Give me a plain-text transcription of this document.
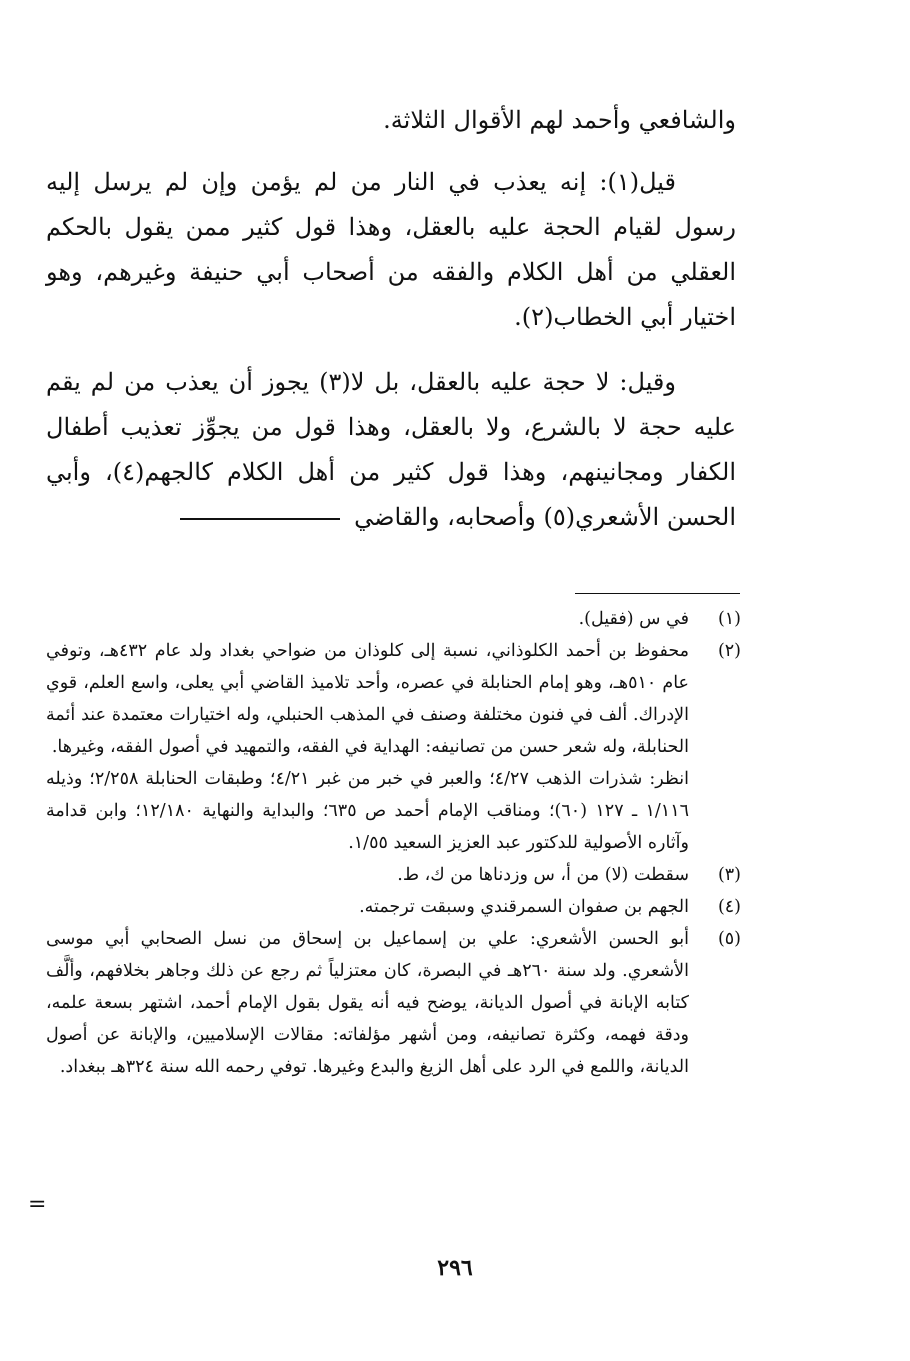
والشافعي وأحمد لهم الأقوال الثلاثة.

قيل(١): إنه يعذب في النار من لم يؤمن وإن لم يرسل إليه رسول لقيام الحجة عليه بالعقل، وهذا قول كثير ممن يقول بالحكم العقلي من أهل الكلام والفقه من أصحاب أبي حنيفة وغيرهم، وهو اختيار أبي الخطاب(٢).

وقيل: لا حجة عليه بالعقل، بل لا(٣) يجوز أن يعذب من لم يقم عليه حجة لا بالشرع، ولا بالعقل، وهذا قول من يجوِّز تعذيب أطفال الكفار ومجانينهم، وهذا قول كثير من أهل الكلام كالجهم(٤)، وأبي الحسن الأشعري(٥) وأصحابه، والقاضي

(١)

في س (فقيل).

(٢)

محفوظ بن أحمد الكلوذاني، نسبة إلى كلوذان من ضواحي بغداد ولد عام ٤٣٢هـ، وتوفي عام ٥١٠هـ، وهو إمام الحنابلة في عصره، وأحد تلاميذ القاضي أبي يعلى، واسع العلم، قوي الإدراك. ألف في فنون مختلفة وصنف في المذهب الحنبلي، وله اختيارات معتمدة عند أئمة الحنابلة، وله شعر حسن من تصانيفه: الهداية في الفقه، والتمهيد في أصول الفقه، وغيرها.

انظر: شذرات الذهب ٤/٢٧؛ والعبر في خبر من غبر ٤/٢١؛ وطبقات الحنابلة ٢/٢٥٨؛ وذيله ١/١١٦ ـ ١٢٧ (٦٠)؛ ومناقب الإمام أحمد ص ٦٣٥؛ والبداية والنهاية ١٢/١٨٠؛ وابن قدامة وآثاره الأصولية للدكتور عبد العزيز السعيد ١/٥٥.

(٣)

سقطت (لا) من أ، س وزدناها من ك، ط.

(٤)

الجهم بن صفوان السمرقندي وسبقت ترجمته.

(٥)

أبو الحسن الأشعري: علي بن إسماعيل بن إسحاق من نسل الصحابي أبي موسى الأشعري. ولد سنة ٢٦٠هـ في البصرة، كان معتزلياً ثم رجع عن ذلك وجاهر بخلافهم، وألَّف كتابه الإبانة في أصول الديانة، يوضح فيه أنه يقول بقول الإمام أحمد، اشتهر بسعة علمه، ودقة فهمه، وكثرة تصانيفه، ومن أشهر مؤلفاته: مقالات الإسلاميين، والإبانة عن أصول الديانة، واللمع في الرد على أهل الزيغ والبدع وغيرها. توفي رحمه الله سنة ٣٢٤هـ ببغداد.

=
٢٩٦
